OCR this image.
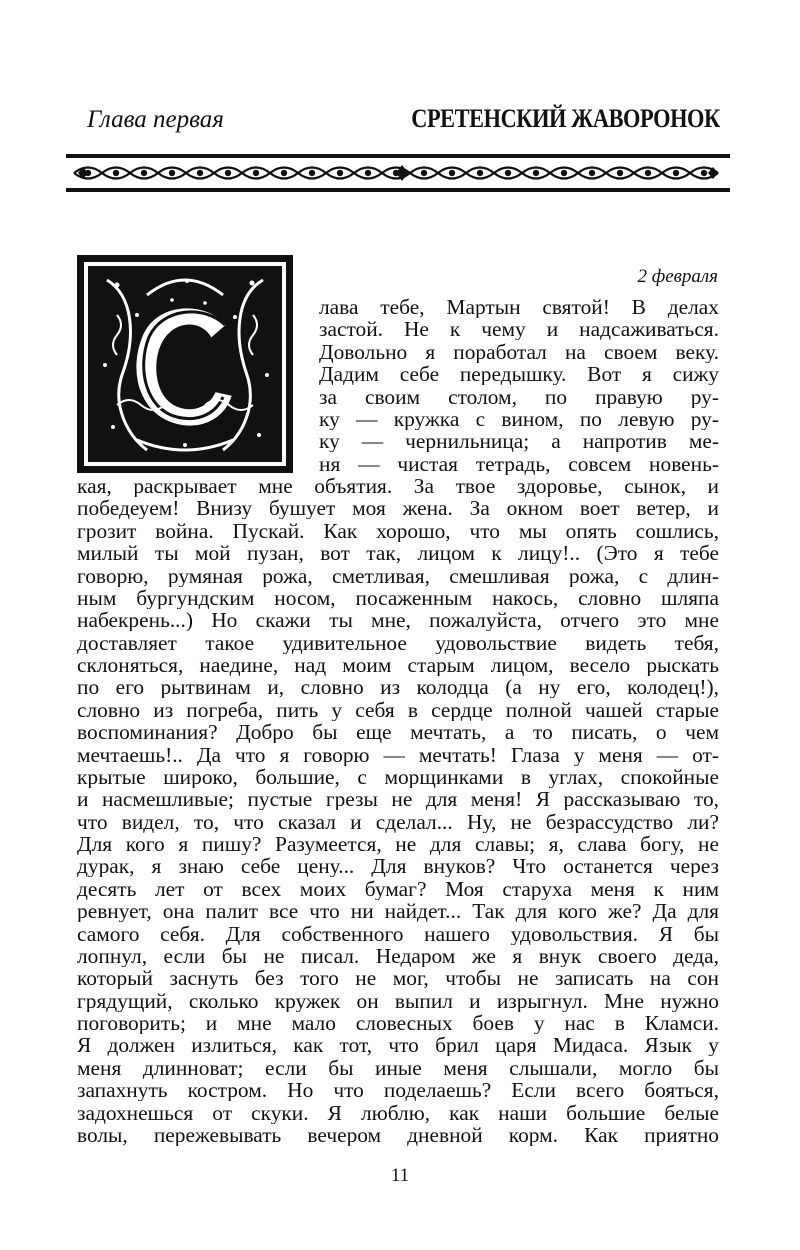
Глава первая	СРЕТЕНСКИЙ ЖАВОРОНОК
2 февраля
лава тебе, Мартын святой! В делах
застой. Не к чему и надсаживаться.
Довольно я поработал на своем веку.
Дадим себе передышку. Вот я сижу
за своим столом, по правую ру-
ку — кружка с вином, по левую ру-
ку — чернильница; а напротив ме-
ня — чистая тетрадь, совсем новень-
кая, раскрывает мне объятия. За твое здоровье, сынок, и
победеуем! Внизу бушует моя жена. За окном воет ветер, и
грозит война. Пускай. Как хорошо, что мы опять сошлись,
милый ты мой пузан, вот так, лицом к лицу!.. (Это я тебе
говорю, румяная рожа, сметливая, смешливая рожа, с длин-
ным бургундским носом, посаженным накось, словно шляпа
набекрень...) Но скажи ты мне, пожалуйста, отчего это мне
доставляет такое удивительное удовольствие видеть тебя,
склоняться, наедине, над моим старым лицом, весело рыскать
по его рытвинам и, словно из колодца (а ну его, колодец!),
словно из погреба, пить у себя в сердце полной чашей старые
воспоминания? Добро бы еще мечтать, а то писать, о чем
мечтаешь!.. Да что я говорю — мечтать! Глаза у меня — от-
крытые широко, большие, с морщинками в углах, спокойные
и насмешливые; пустые грезы не для меня! Я рассказываю то,
что видел, то, что сказал и сделал... Ну, не безрассудство ли?
Для кого я пишу? Разумеется, не для славы; я, слава богу, не
дурак, я знаю себе цену... Для внуков? Что останется через
десять лет от всех моих бумаг? Моя старуха меня к ним
ревнует, она палит все что ни найдет... Так для кого же? Да для
самого себя. Для собственного нашего удовольствия. Я бы
лопнул, если бы не писал. Недаром же я внук своего деда,
который заснуть без того не мог, чтобы не записать на сон
грядущий, сколько кружек он выпил и изрыгнул. Мне нужно
поговорить; и мне мало словесных боев у нас в Кламси.
Я должен излиться, как тот, что брил царя Мидаса. Язык у
меня длинноват; если бы иные меня слышали, могло бы
запахнуть костром. Но что поделаешь? Если всего бояться,
задохнешься от скуки. Я люблю, как наши большие белые
волы, пережевывать вечером дневной корм. Как приятно
11
